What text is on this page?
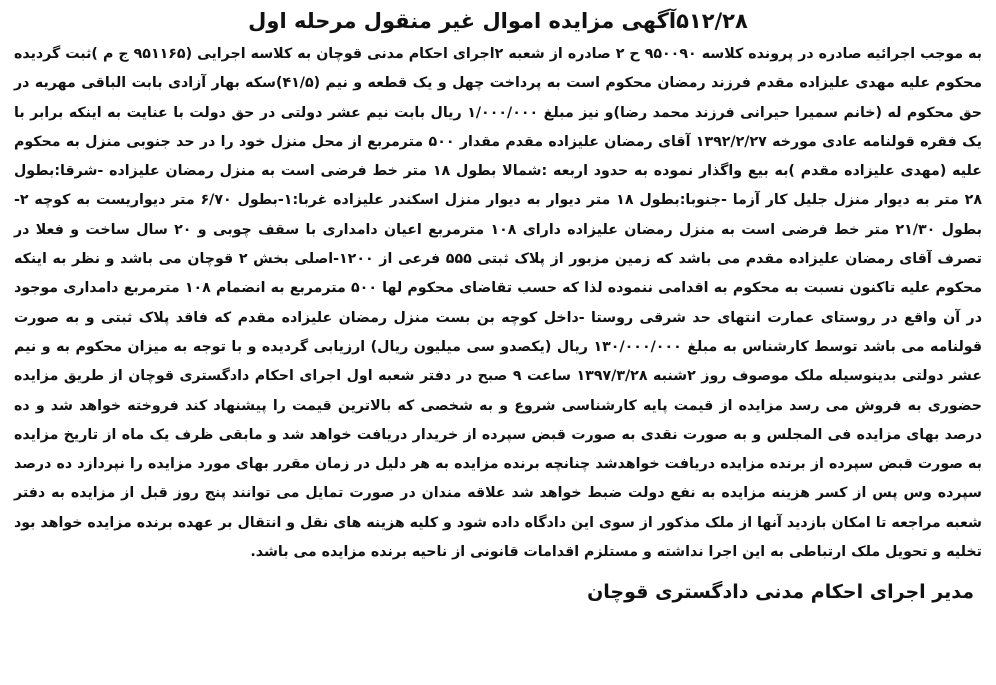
۵۱۲/۲۸آگهی مزایده اموال غیر منقول مرحله اول

به موجب اجرائیه صادره در پرونده کلاسه ۹۵۰۰۹۰ ح ۲ صادره از شعبه ۲اجرای احکام مدنی قوچان به کلاسه اجرایی (۹۵۱۱۶۵ ج م )ثبت گردیده محکوم علیه مهدی علیزاده مقدم فرزند رمضان محکوم است به پرداخت چهل و یک قطعه و نیم (۴۱/۵)سکه بهار آزادی بابت الباقی مهریه در حق محکوم له (خانم سمیرا حیرانی فرزند محمد رضا)و نیز مبلغ ۱/۰۰۰/۰۰۰ ریال بابت نیم عشر دولتی در حق دولت با عنایت به اینکه برابر با یک فقره قولنامه عادی مورخه ۱۳۹۲/۲/۲۷ آقای رمضان علیزاده مقدم مقدار ۵۰۰ مترمربع از محل منزل خود را در حد جنوبی منزل به محکوم علیه (مهدی علیزاده مقدم )به بیع واگذار نموده به حدود اربعه :شمالا بطول ۱۸ متر خط فرضی است به منزل رمضان علیزاده -شرقا:بطول ۲۸ متر به دیوار منزل جلیل کار آزما -جنوبا:بطول ۱۸ متر دیوار به دیوار منزل اسکندر علیزاده غربا:۱-بطول ۶/۷۰ متر دیواریست به کوچه ۲-بطول ۲۱/۳۰ متر خط فرضی است به منزل رمضان علیزاده دارای ۱۰۸ مترمربع اعیان دامداری با سقف چوبی و ۲۰ سال ساخت و فعلا در تصرف آقای رمضان علیزاده مقدم می باشد که زمین مزبور از پلاک ثبتی ۵۵۵ فرعی از ۱۲۰۰-اصلی بخش ۲ قوچان می باشد و نظر به اینکه محکوم علیه تاکنون نسبت به محکوم به اقدامی ننموده لذا که حسب تقاضای محکوم لها ۵۰۰ مترمربع به انضمام ۱۰۸ مترمربع دامداری موجود در آن واقع در روستای عمارت انتهای حد شرقی روستا -داخل کوچه بن بست منزل رمضان علیزاده مقدم که فاقد پلاک ثبتی و به صورت قولنامه می باشد توسط کارشناس به مبلغ ۱۳۰/۰۰۰/۰۰۰ ریال (یکصدو سی میلیون ریال) ارزیابی گردیده و با توجه به میزان محکوم به و نیم عشر دولتی بدینوسیله ملک موصوف روز ۲شنبه ۱۳۹۷/۳/۲۸ ساعت ۹ صبح در دفتر شعبه اول اجرای احکام دادگستری قوچان از طریق مزایده حضوری به فروش می رسد مزایده از قیمت پایه کارشناسی شروع و به شخصی که بالاترین قیمت را پیشنهاد کند فروخته خواهد شد و ده درصد بهای مزایده فی المجلس و به صورت نقدی به صورت قبض سپرده از خریدار دریافت خواهد شد و مابقی ظرف یک ماه از تاریخ مزایده به صورت قبض سپرده از برنده مزایده دریافت خواهدشد چنانچه برنده مزایده به هر دلیل در زمان مقرر بهای مورد مزایده را نپردازد ده درصد سپرده وس پس از کسر هزینه مزایده به نفع دولت ضبط خواهد شد علاقه مندان در صورت تمایل می توانند پنج روز قبل از مزایده به دفتر شعبه مراجعه تا امکان بازدید آنها از ملک مذکور از سوی این دادگاه داده شود و کلیه هزینه های نقل و انتقال بر عهده برنده مزایده خواهد بود تخلیه و تحویل ملک ارتباطی به این اجرا نداشته و مستلزم اقدامات قانونی از ناحیه برنده مزایده می باشد.

مدیر اجرای احکام مدنی دادگستری قوچان
